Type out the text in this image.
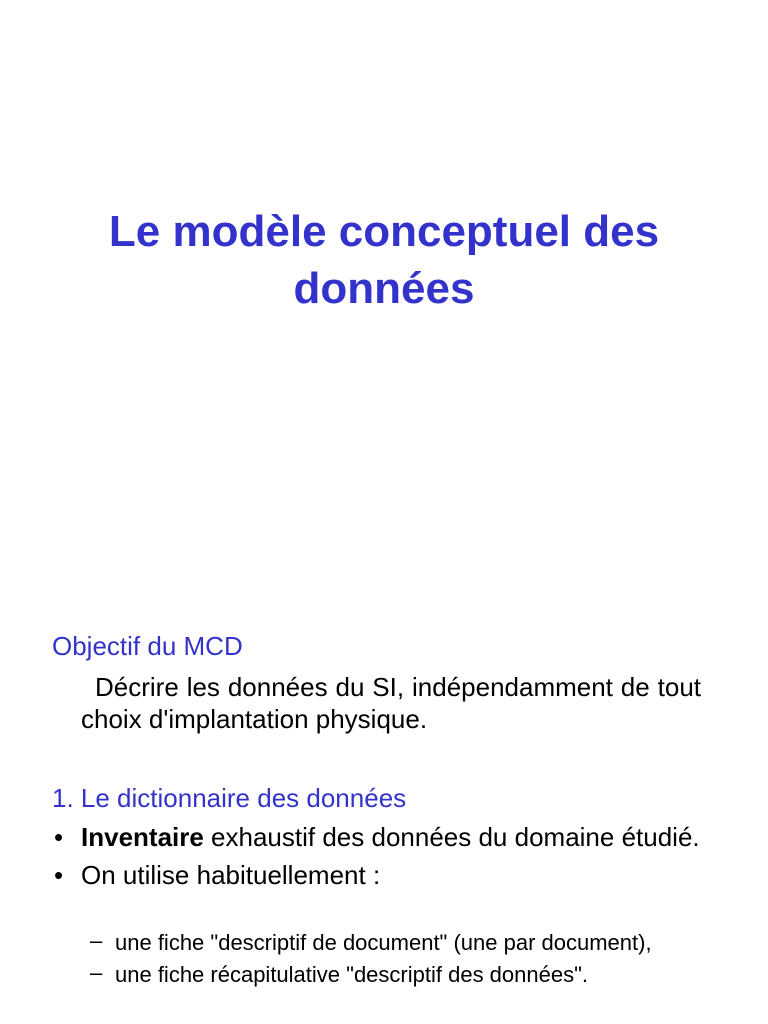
Le modèle conceptuel des données
Objectif du MCD

Décrire les données du SI, indépendamment de tout choix d'implantation physique.

1. Le dictionnaire des données
• Inventaire exhaustif des données du domaine étudié.
• On utilise habituellement :
– une fiche "descriptif de document" (une par document),
– une fiche récapitulative "descriptif des données".
